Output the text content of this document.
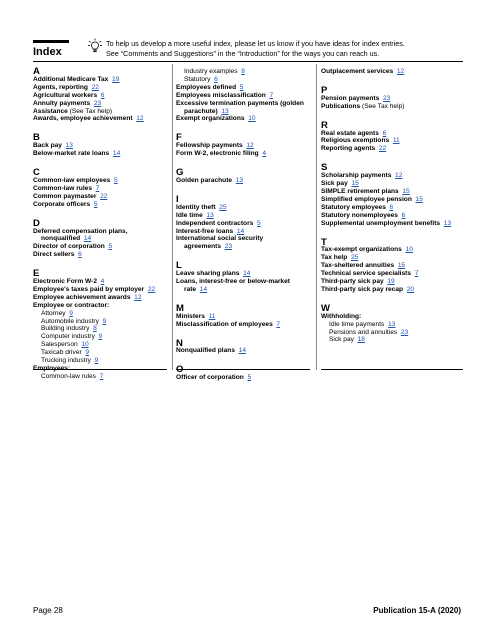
Index
To help us develop a more useful index, please let us know if you have ideas for index entries.
See “Comments and Suggestions” in the “Introduction” for the ways you can reach us.
A
Additional Medicare Tax 19
Agents, reporting 22
Agricultural workers 6
Annuity payments 23
Assistance (See Tax help)
Awards, employee achievement 12
B
Back pay 13
Below-market rate loans 14
C
Common-law employees 5
Common-law rules 7
Common paymaster 22
Corporate officers 5
D
Deferred compensation plans,
nonqualified 14
Director of corporation 5
Direct sellers 6
E
Electronic Form W-2 4
Employee's taxes paid by employer 22
Employee achievement awards 12
Employee or contractor:
Attorney 9
Automobile industry 9
Building industry 8
Computer industry 9
Salesperson 10
Taxicab driver 9
Trucking industry 9
Employees:
Common-law rules 7
Industry examples 8
Statutory 6
Employees defined 5
Employees misclassification 7
Excessive termination payments (golden
parachute) 13
Exempt organizations 10
F
Fellowship payments 12
Form W-2, electronic filing 4
G
Golden parachute 13
I
Identity theft 25
Idle time 13
Independent contractors 5
Interest-free loans 14
International social security
agreements 23
L
Leave sharing plans 14
Loans, interest-free or below-market
rate 14
M
Ministers 11
Misclassification of employees 7
N
Nonqualified plans 14
O
Officer of corporation 5
Outplacement services 12
P
Pension payments 23
Publications (See Tax help)
R
Real estate agents 6
Religious exemptions 11
Reporting agents 22
S
Scholarship payments 12
Sick pay 15
SIMPLE retirement plans 15
Simplified employee pension 15
Statutory employees 6
Statutory nonemployees 6
Supplemental unemployment benefits 13
T
Tax-exempt organizations 10
Tax help 25
Tax-sheltered annuities 15
Technical service specialists 7
Third-party sick pay 19
Third-party sick pay recap 20
W
Withholding:
Idle time payments 13
Pensions and annuities 23
Sick pay 18
Page 28	Publication 15-A (2020)
